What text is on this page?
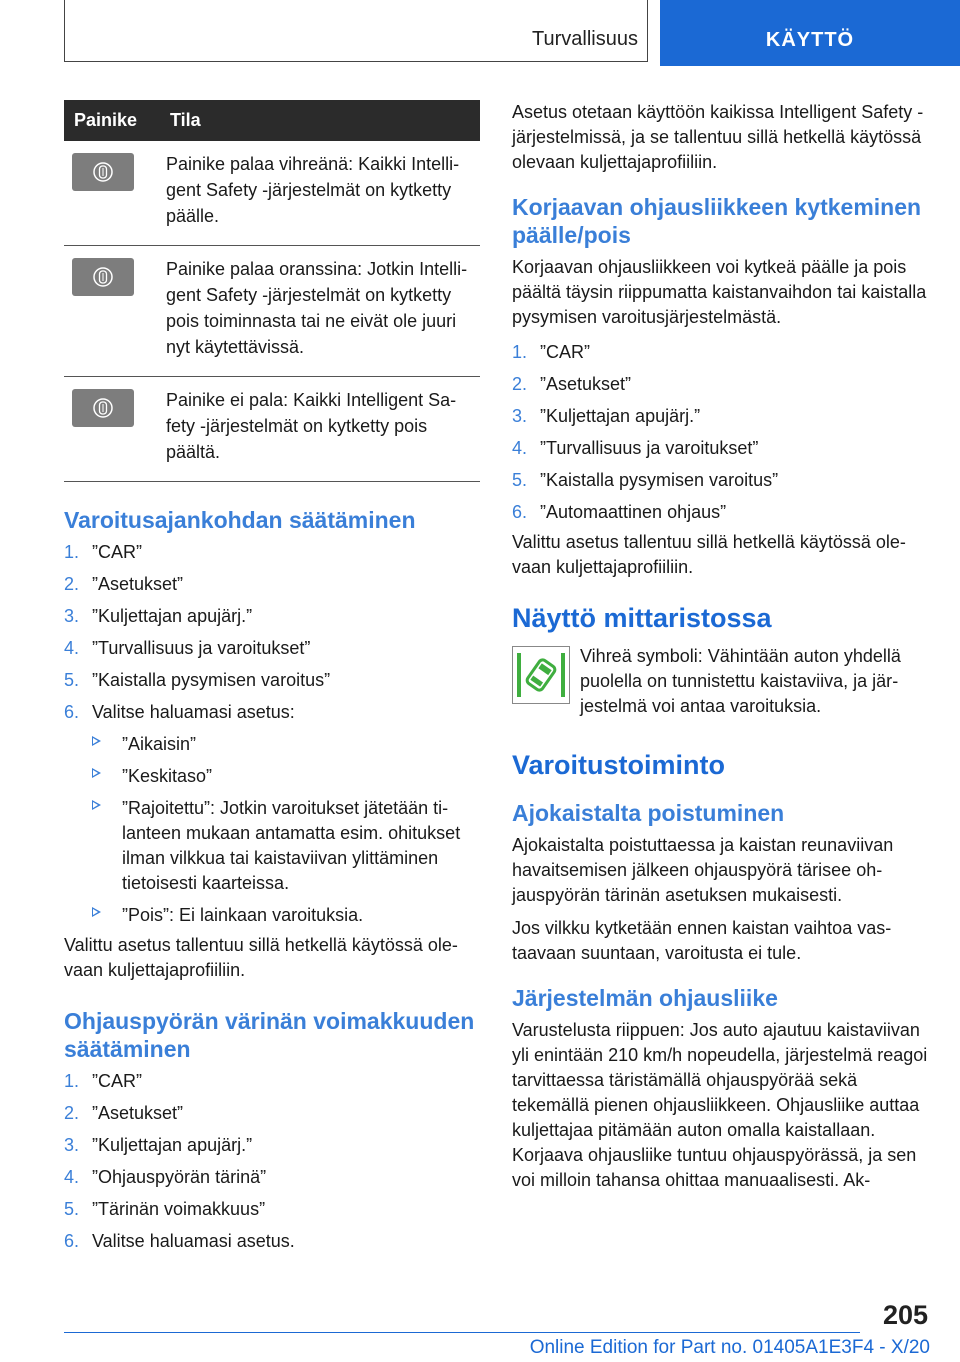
Turvallisuus	KÄYTTÖ
Painike	Tila

	Painike palaa vihreänä: Kaikki Intelligent Safety -järjestelmät on kytketty päälle.

	Painike palaa oranssina: Jotkin Intelligent Safety -järjestelmät on kytketty pois toiminnasta tai ne eivät ole juuri nyt käytettävissä.

	Painike ei pala: Kaikki Intelligent Safety -järjestelmät on kytketty pois päältä.
Varoitusajankohdan säätäminen
1. ”CAR”
2. ”Asetukset”
3. ”Kuljettajan apujärj.”
4. ”Turvallisuus ja varoitukset”
5. ”Kaistalla pysymisen varoitus”
6. Valitse haluamasi asetus:
”Aikaisin”
”Keskitaso”
”Rajoitettu”: Jotkin varoitukset jätetään tilanteen mukaan antamatta esim. ohitukset ilman vilkkua tai kaistaviivan ylittäminen tietoisesti kaarteissa.
”Pois”: Ei lainkaan varoituksia.

Valittu asetus tallentuu sillä hetkellä käytössä olevaan kuljettajaprofiiliin.

Ohjauspyörän värinän voimakkuuden säätäminen
1. ”CAR”
2. ”Asetukset”
3. ”Kuljettajan apujärj.”
4. ”Ohjauspyörän tärinä”
5. ”Tärinän voimakkuus”
6. Valitse haluamasi asetus.

Asetus otetaan käyttöön kaikissa Intelligent Safety -järjestelmissä, ja se tallentuu sillä hetkellä käytössä olevaan kuljettajaprofiiliin.

Korjaavan ohjausliikkeen kytkeminen päälle/pois

Korjaavan ohjausliikkeen voi kytkeä päälle ja pois päältä täysin riippumatta kaistanvaihdon tai kaistalla pysymisen varoitusjärjestelmästä.

1. ”CAR”
2. ”Asetukset”
3. ”Kuljettajan apujärj.”
4. ”Turvallisuus ja varoitukset”
5. ”Kaistalla pysymisen varoitus”
6. ”Automaattinen ohjaus”

Valittu asetus tallentuu sillä hetkellä käytössä olevaan kuljettajaprofiiliin.

Näyttö mittaristossa

Vihreä symboli: Vähintään auton yhdellä puolella on tunnistettu kaistaviiva, ja järjestelmä voi antaa varoituksia.

Varoitustoiminto
Ajokaistalta poistuminen

Ajokaistalta poistuttaessa ja kaistan reunaviivan havaitsemisen jälkeen ohjauspyörä tärisee ohjauspyörän tärinän asetuksen mukaisesti.

Jos vilkku kytketään ennen kaistan vaihtoa vastaavaan suuntaan, varoitusta ei tule.

Järjestelmän ohjausliike

Varustelusta riippuen: Jos auto ajautuu kaistaviivan yli enintään 210 km/h nopeudella, järjestelmä reagoi tarvittaessa täristämällä ohjauspyörää sekä tekemällä pienen ohjausliikkeen. Ohjausliike auttaa kuljettajaa pitämään auton omalla kaistallaan. Korjaava ohjausliike tuntuu ohjauspyörässä, ja sen voi milloin tahansa ohittaa manuaalisesti. Ak-

205
Online Edition for Part no. 01405A1E3F4 - X/20
